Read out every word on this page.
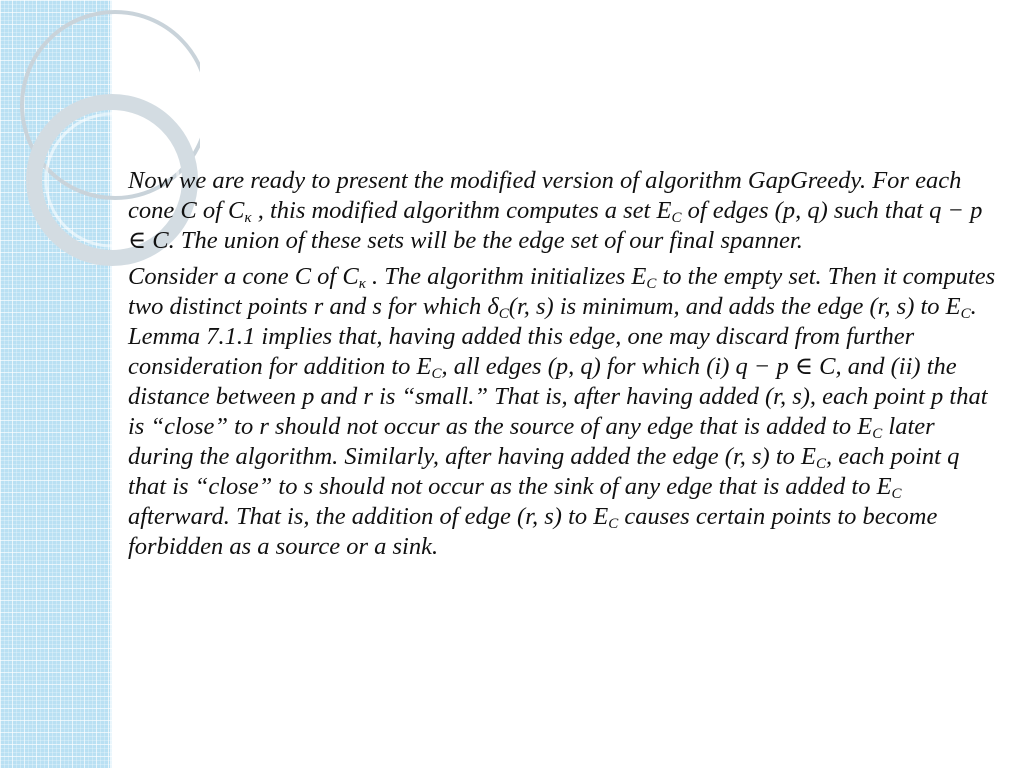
Now we are ready to present the modified version of algorithm GapGreedy. For each cone C of $C_\kappa$ , this modified algorithm computes a set $E_C$ of edges (p, q) such that q − p ∈ C. The union of these sets will be the edge set of our final spanner.

Consider a cone C of $C_\kappa$ . The algorithm initializes $E_C$ to the empty set. Then it computes two distinct points r and s for which $\delta_C(r$, s) is minimum, and adds the edge (r, s) to $E_C$. Lemma 7.1.1 implies that, having added this edge, one may discard from further consideration for addition to $E_C$, all edges (p, q) for which (i) q − p ∈ C, and (ii) the distance between p and r is “small.” That is, after having added (r, s), each point p that is “close” to r should not occur as the source of any edge that is added to $E_C$ later during the algorithm. Similarly, after having added the edge (r, s) to $E_C$, each point q that is “close” to s should not occur as the sink of any edge that is added to $E_C$ afterward. That is, the addition of edge (r, s) to $E_C$ causes certain points to become forbidden as a source or a sink.
